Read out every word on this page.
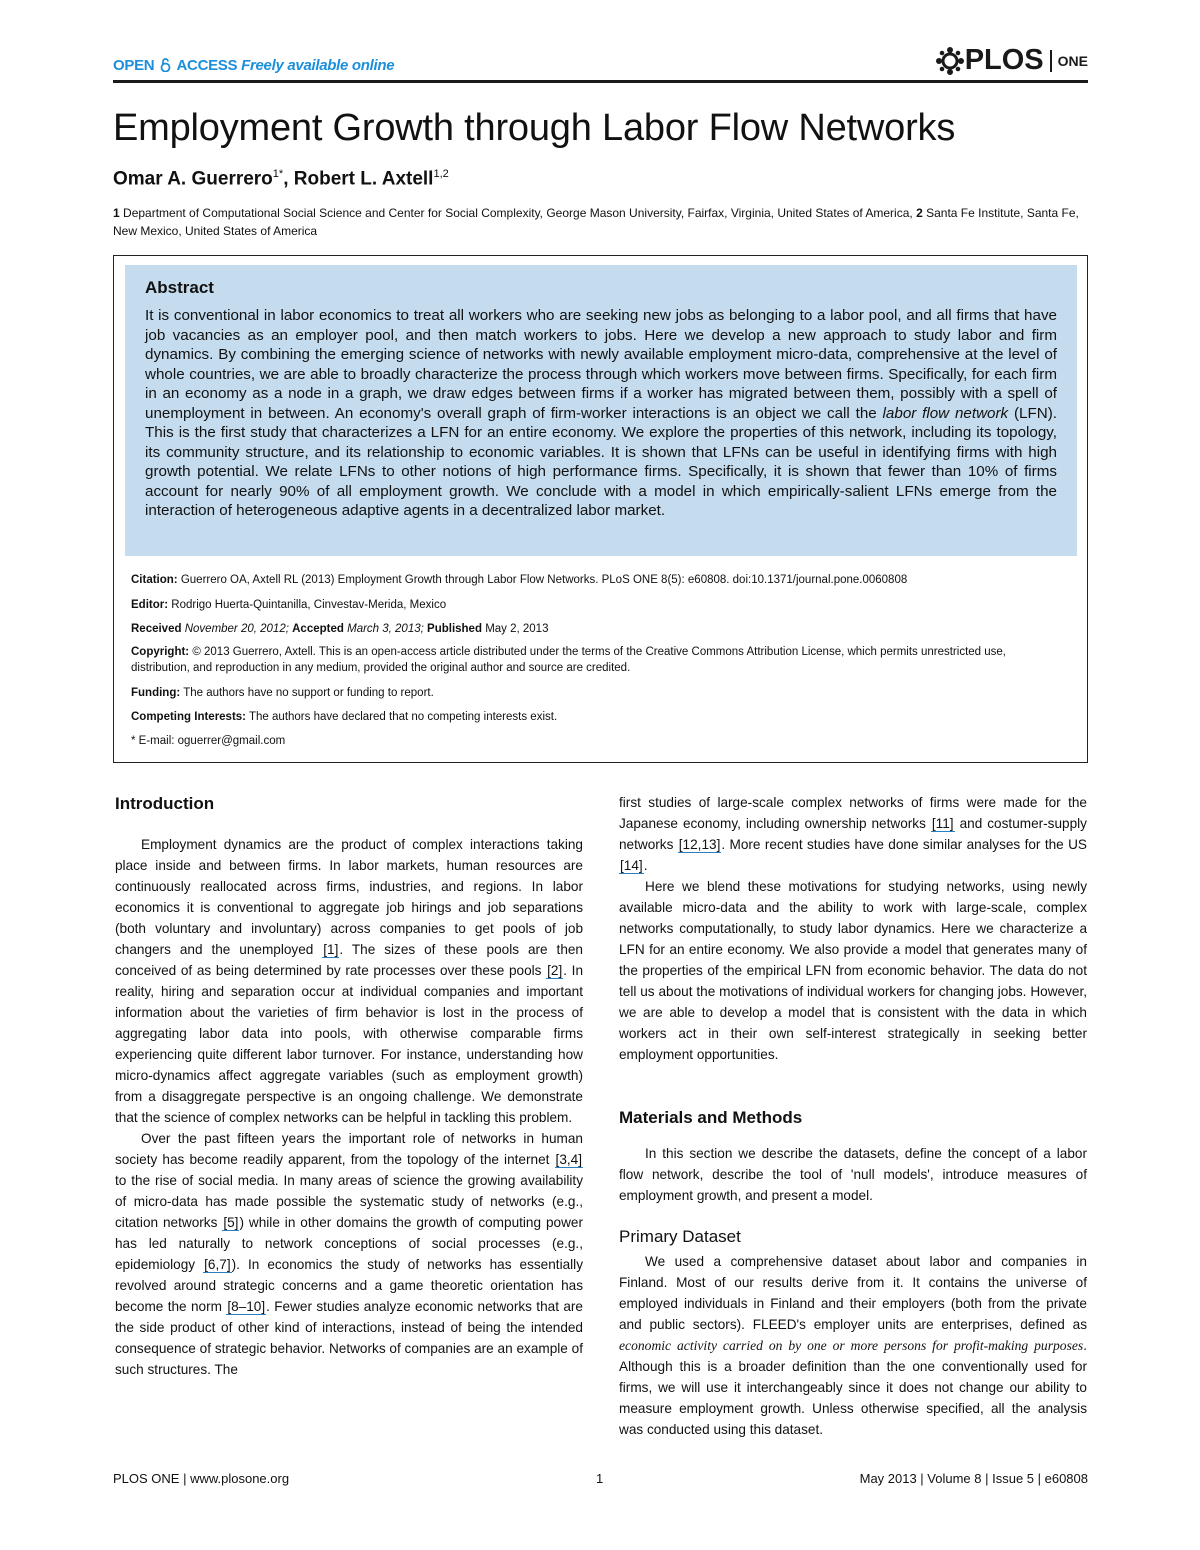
OPEN ACCESS Freely available online	PLOS ONE
Employment Growth through Labor Flow Networks
Omar A. Guerrero$^{1*}$, Robert L. Axtell$^{1,2}$
1 Department of Computational Social Science and Center for Social Complexity, George Mason University, Fairfax, Virginia, United States of America, 2 Santa Fe Institute, Santa Fe, New Mexico, United States of America
Abstract
It is conventional in labor economics to treat all workers who are seeking new jobs as belonging to a labor pool, and all firms that have job vacancies as an employer pool, and then match workers to jobs. Here we develop a new approach to study labor and firm dynamics. By combining the emerging science of networks with newly available employment micro-data, comprehensive at the level of whole countries, we are able to broadly characterize the process through which workers move between firms. Specifically, for each firm in an economy as a node in a graph, we draw edges between firms if a worker has migrated between them, possibly with a spell of unemployment in between. An economy's overall graph of firm-worker interactions is an object we call the labor flow network (LFN). This is the first study that characterizes a LFN for an entire economy. We explore the properties of this network, including its topology, its community structure, and its relationship to economic variables. It is shown that LFNs can be useful in identifying firms with high growth potential. We relate LFNs to other notions of high performance firms. Specifically, it is shown that fewer than 10% of firms account for nearly 90% of all employment growth. We conclude with a model in which empirically-salient LFNs emerge from the interaction of heterogeneous adaptive agents in a decentralized labor market.
Citation: Guerrero OA, Axtell RL (2013) Employment Growth through Labor Flow Networks. PLoS ONE 8(5): e60808. doi:10.1371/journal.pone.0060808
Editor: Rodrigo Huerta-Quintanilla, Cinvestav-Merida, Mexico
Received November 20, 2012; Accepted March 3, 2013; Published May 2, 2013
Copyright: © 2013 Guerrero, Axtell. This is an open-access article distributed under the terms of the Creative Commons Attribution License, which permits unrestricted use, distribution, and reproduction in any medium, provided the original author and source are credited.
Funding: The authors have no support or funding to report.
Competing Interests: The authors have declared that no competing interests exist.
* E-mail: oguerrer@gmail.com
Introduction

Employment dynamics are the product of complex interactions taking place inside and between firms. In labor markets, human resources are continuously reallocated across firms, industries, and regions. In labor economics it is conventional to aggregate job hirings and job separations (both voluntary and involuntary) across companies to get pools of job changers and the unemployed [1]. The sizes of these pools are then conceived of as being determined by rate processes over these pools [2]. In reality, hiring and separation occur at individual companies and important information about the varieties of firm behavior is lost in the process of aggregating labor data into pools, with otherwise comparable firms experiencing quite different labor turnover. For instance, understanding how micro-dynamics affect aggregate variables (such as employment growth) from a disaggregate perspective is an ongoing challenge. We demonstrate that the science of complex networks can be helpful in tackling this problem.

Over the past fifteen years the important role of networks in human society has become readily apparent, from the topology of the internet [3,4] to the rise of social media. In many areas of science the growing availability of micro-data has made possible the systematic study of networks (e.g., citation networks [5]) while in other domains the growth of computing power has led naturally to network conceptions of social processes (e.g., epidemiology [6,7]). In economics the study of networks has essentially revolved around strategic concerns and a game theoretic orientation has become the norm [8–10]. Fewer studies analyze economic networks that are the side product of other kind of interactions, instead of being the intended consequence of strategic behavior. Networks of companies are an example of such structures. The

first studies of large-scale complex networks of firms were made for the Japanese economy, including ownership networks [11] and costumer-supply networks [12,13]. More recent studies have done similar analyses for the US [14].

Here we blend these motivations for studying networks, using newly available micro-data and the ability to work with large-scale, complex networks computationally, to study labor dynamics. Here we characterize a LFN for an entire economy. We also provide a model that generates many of the properties of the empirical LFN from economic behavior. The data do not tell us about the motivations of individual workers for changing jobs. However, we are able to develop a model that is consistent with the data in which workers act in their own self-interest strategically in seeking better employment opportunities.

Materials and Methods

In this section we describe the datasets, define the concept of a labor flow network, describe the tool of 'null models', introduce measures of employment growth, and present a model.

Primary Dataset

We used a comprehensive dataset about labor and companies in Finland. Most of our results derive from it. It contains the universe of employed individuals in Finland and their employers (both from the private and public sectors). FLEED's employer units are enterprises, defined as economic activity carried on by one or more persons for profit-making purposes. Although this is a broader definition than the one conventionally used for firms, we will use it interchangeably since it does not change our ability to measure employment growth. Unless otherwise specified, all the analysis was conducted using this dataset.

PLOS ONE | www.plosone.org	1	May 2013 | Volume 8 | Issue 5 | e60808
